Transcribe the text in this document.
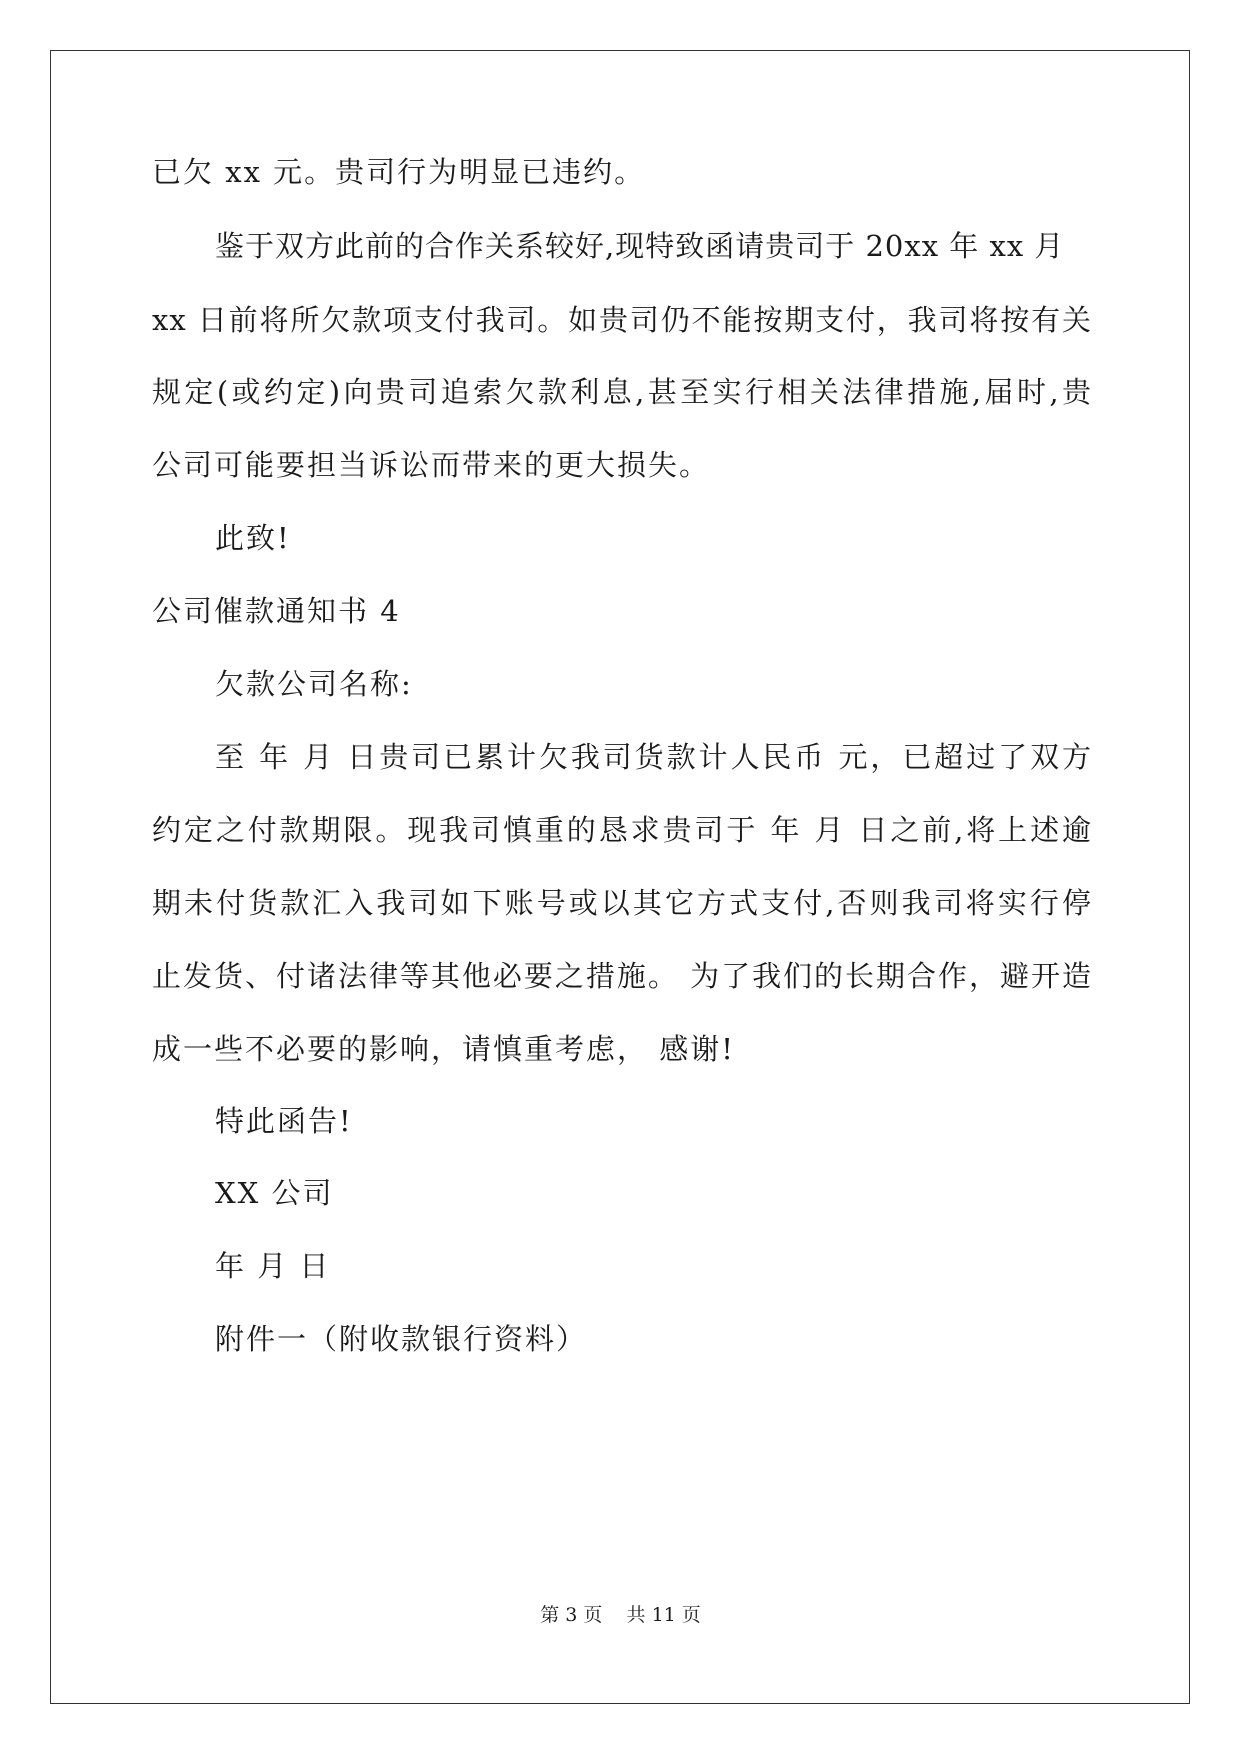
已欠 xx 元。贵司行为明显已违约。
鉴于双方此前的合作关系较好,现特致函请贵司于 20xx 年 xx 月
xx 日前将所欠款项支付我司。如贵司仍不能按期支付，我司将按有关
规定(或约定)向贵司追索欠款利息,甚至实行相关法律措施,届时,贵
公司可能要担当诉讼而带来的更大损失。
此致!
公司催款通知书 4
欠款公司名称:
至 年 月 日贵司已累计欠我司货款计人民币 元，已超过了双方
约定之付款期限。现我司慎重的恳求贵司于 年 月 日之前,将上述逾
期未付货款汇入我司如下账号或以其它方式支付,否则我司将实行停
止发货、付诸法律等其他必要之措施。 为了我们的长期合作，避开造
成一些不必要的影响，请慎重考虑， 感谢!
特此函告!
XX 公司
年 月 日
附件一（附收款银行资料）
第 3 页    共 11 页
